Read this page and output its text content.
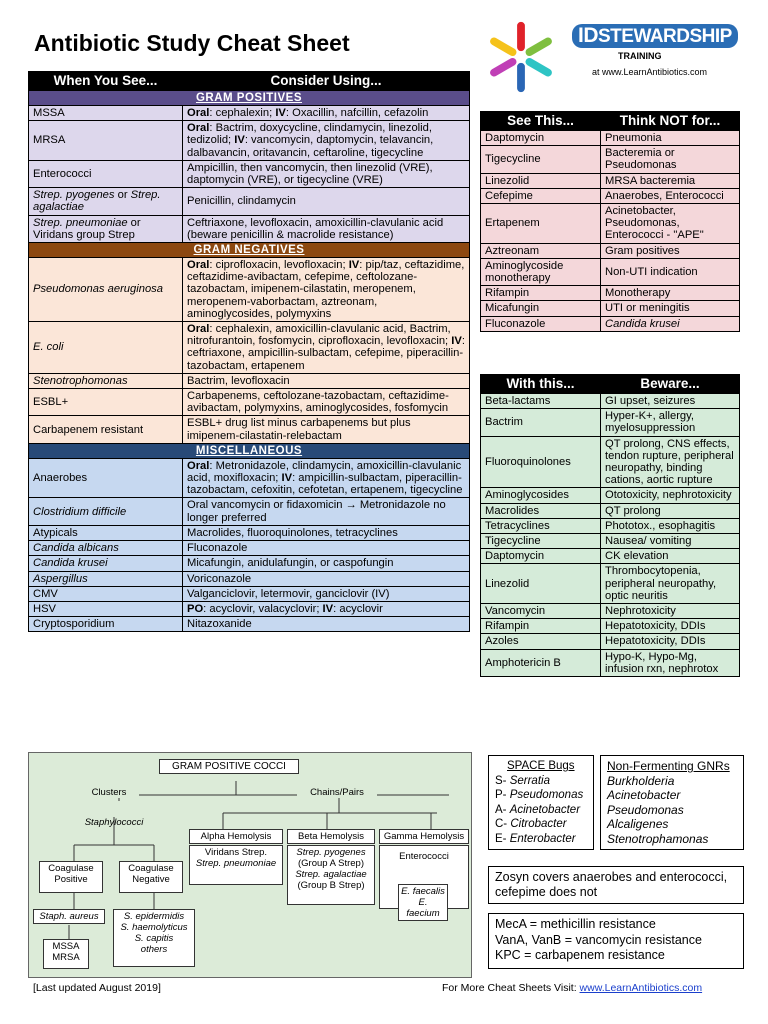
Antibiotic Study Cheat Sheet	IDSTEWARDSHIP
TRAINING
at www.LearnAntibiotics.com
When You See...	Consider Using...
GRAM POSITIVES	
MSSA	Oral: cephalexin; IV: Oxacillin, nafcillin, cefazolin
MRSA	Oral: Bactrim, doxycycline, clindamycin, linezolid, tedizolid; IV: vancomycin, daptomycin, telavancin, dalbavancin, oritavancin, ceftaroline, tigecycline
Enterococci	Ampicillin, then vancomycin, then linezolid (VRE), daptomycin (VRE), or tigecycline (VRE)
Strep. pyogenes or Strep. agalactiae	Penicillin, clindamycin
Strep. pneumoniae or Viridans group Strep	Ceftriaxone, levofloxacin, amoxicillin-clavulanic acid (beware penicillin & macrolide resistance)
GRAM NEGATIVES	
Pseudomonas aeruginosa	Oral: ciprofloxacin, levofloxacin; IV: pip/taz, ceftazidime, ceftazidime-avibactam, cefepime, ceftolozane-tazobactam, imipenem-cilastatin, meropenem, meropenem-vaborbactam, aztreonam, aminoglycosides, polymyxins
E. coli	Oral: cephalexin, amoxicillin-clavulanic acid, Bactrim, nitrofurantoin, fosfomycin, ciprofloxacin, levofloxacin; IV: ceftriaxone, ampicillin-sulbactam, cefepime, piperacillin-tazobactam, ertapenem
Stenotrophomonas	Bactrim, levofloxacin
ESBL+	Carbapenems, ceftolozane-tazobactam, ceftazidime-avibactam, polymyxins, aminoglycosides, fosfomycin
Carbapenem resistant	ESBL+ drug list minus carbapenems but plus imipenem-cilastatin-relebactam
MISCELLANEOUS	
Anaerobes	Oral: Metronidazole, clindamycin, amoxicillin-clavulanic acid, moxifloxacin; IV: ampicillin-sulbactam, piperacillin-tazobactam, cefoxitin, cefotetan, ertapenem, tigecycline
Clostridium difficile	Oral vancomycin or fidaxomicin → Metronidazole no longer preferred
Atypicals	Macrolides, fluoroquinolones, tetracyclines
Candida albicans	Fluconazole
Candida krusei	Micafungin, anidulafungin, or caspofungin
Aspergillus	Voriconazole
CMV	Valganciclovir, letermovir, ganciclovir (IV)
HSV	PO: acyclovir, valacyclovir; IV: acyclovir
Cryptosporidium	Nitazoxanide
See This...	Think NOT for...
Daptomycin	Pneumonia
Tigecycline	Bacteremia or Pseudomonas
Linezolid	MRSA bacteremia
Cefepime	Anaerobes, Enterococci
Ertapenem	Acinetobacter, Pseudomonas, Enterococci - "APE"
Aztreonam	Gram positives
Aminoglycoside monotherapy	Non-UTI indication
Rifampin	Monotherapy
Micafungin	UTI or meningitis
Fluconazole	Candida krusei
With this...	Beware...
Beta-lactams	GI upset, seizures
Bactrim	Hyper-K+, allergy, myelosuppression
Fluoroquinolones	QT prolong, CNS effects, tendon rupture, peripheral neuropathy, binding cations, aortic rupture
Aminoglycosides	Ototoxicity, nephrotoxicity
Macrolides	QT prolong
Tetracyclines	Phototox., esophagitis
Tigecycline	Nausea/ vomiting
Daptomycin	CK elevation
Linezolid	Thrombocytopenia, peripheral neuropathy, optic neuritis
Vancomycin	Nephrotoxicity
Rifampin	Hepatotoxicity, DDIs
Azoles	Hepatotoxicity, DDIs
Amphotericin B	Hypo-K, Hypo-Mg, infusion rxn, nephrotox
GRAM POSITIVE COCCI
Clusters	Chains/Pairs
Staphylococci
Coagulase Positive
Coagulase Negative
Staph. aureus
MSSA MRSA
S. epidermidis
S. haemolyticus
S. capitis
others
Alpha Hemolysis
Viridans Strep.
Strep. pneumoniae
Beta Hemolysis
Strep. pyogenes
(Group A Strep)
Strep. agalactiae
(Group B Strep)
Gamma Hemolysis
Enterococci
E. faecalis
E. faecium
SPACE Bugs
S- Serratia
P- Pseudomonas
A- Acinetobacter
C- Citrobacter
E- Enterobacter
Non-Fermenting GNRs
Burkholderia
Acinetobacter
Pseudomonas
Alcaligenes
Stenotrophamonas
Zosyn covers anaerobes and enterococci, cefepime does not
MecA = methicillin resistance
VanA, VanB = vancomycin resistance
KPC = carbapenem resistance
[Last updated August 2019]	For More Cheat Sheets Visit: www.LearnAntibiotics.com
